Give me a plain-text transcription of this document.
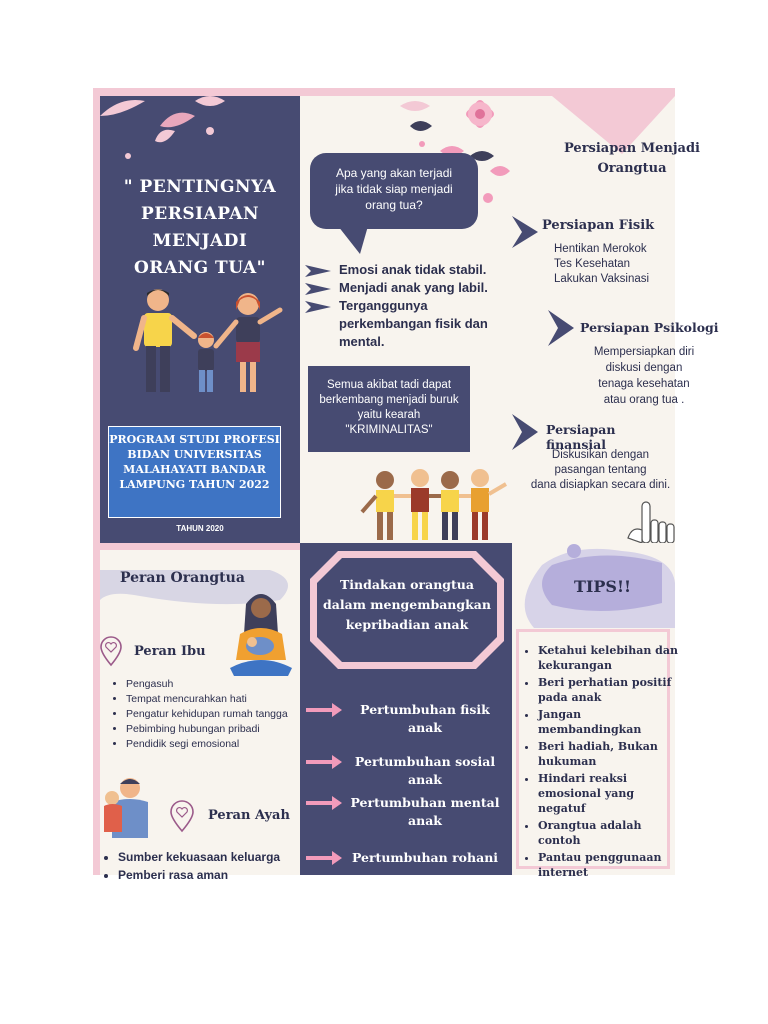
" PENTINGNYA
PERSIAPAN
MENJADI
ORANG TUA"
PROGRAM STUDI PROFESI
BIDAN UNIVERSITAS
MALAHAYATI BANDAR
LAMPUNG TAHUN 2022
TAHUN 2020
Apa yang akan terjadi
jika tidak siap menjadi
orang tua?
Emosi anak tidak stabil.
Menjadi anak yang labil.
Terganggunya
perkembangan fisik dan
mental.
Semua akibat tadi dapat
berkembang menjadi buruk
yaitu kearah
"KRIMINALITAS"
Persiapan Menjadi
Orangtua
Persiapan Fisik
Hentikan Merokok
Tes Kesehatan
Lakukan Vaksinasi
Persiapan Psikologi
Mempersiapkan diri
diskusi dengan
tenaga kesehatan
atau orang tua .
Persiapan finansial
Diskusikan dengan
pasangan tentang
dana disiapkan secara dini.
Peran Orangtua
Peran Ibu
• Pengasuh
• Tempat mencurahkan hati
• Pengatur kehidupan rumah tangga
• Pebimbing hubungan pribadi
• Pendidik segi emosional
Peran Ayah
• Sumber kekuasaan keluarga
• Pemberi rasa aman
Tindakan orangtua
dalam mengembangkan
kepribadian anak
Pertumbuhan fisik
anak
Pertumbuhan sosial
anak
Pertumbuhan mental
anak
Pertumbuhan rohani
TIPS!!
• Ketahui kelebihan dan kekurangan
• Beri perhatian positif pada anak
• Jangan membandingkan
• Beri hadiah, Bukan hukuman
• Hindari reaksi emosional yang negatuf
• Orangtua adalah contoh
• Pantau penggunaan internet
